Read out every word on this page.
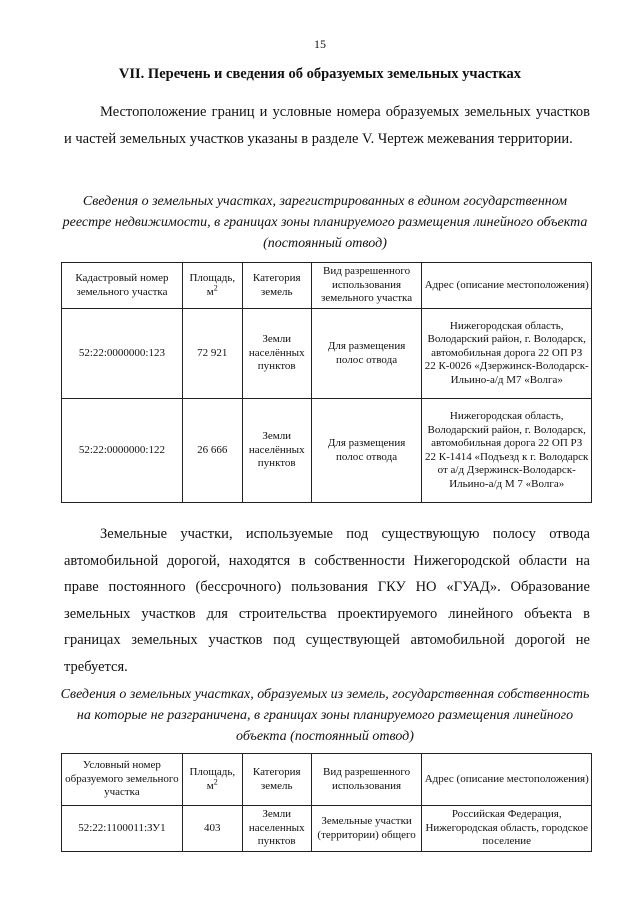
15
VII. Перечень и сведения об образуемых земельных участках
Местоположение границ и условные номера образуемых земельных участков и частей земельных участков указаны в разделе V. Чертеж межевания территории.
Сведения о земельных участках, зарегистрированных в едином государственном реестре недвижимости, в границах зоны планируемого размещения линейного объекта (постоянный отвод)
Кадастровый номер земельного участка	Площадь, $м^2$	Категория земель	Вид разрешенного использования земельного участка	Адрес (описание местоположения)
52:22:0000000:123	72 921	Земли населённых пунктов	Для размещения полос отвода	Нижегородская область, Володарский район, г. Володарск, автомобильная дорога 22 ОП РЗ 22 К-0026 «Дзержинск-Володарск-Ильино-а/д М7 «Волга»
52:22:0000000:122	26 666	Земли населённых пунктов	Для размещения полос отвода	Нижегородская область, Володарский район, г. Володарск, автомобильная дорога 22 ОП РЗ 22 К-1414 «Подъезд к г. Володарск от а/д Дзержинск-Володарск-Ильино-а/д М 7 «Волга»
Земельные участки, используемые под существующую полосу отвода автомобильной дорогой, находятся в собственности Нижегородской области на праве постоянного (бессрочного) пользования ГКУ НО «ГУАД». Образование земельных участков для строительства проектируемого линейного объекта в границах земельных участков под существующей автомобильной дорогой не требуется.
Сведения о земельных участках, образуемых из земель, государственная собственность на которые не разграничена, в границах зоны планируемого размещения линейного объекта (постоянный отвод)
Условный номер образуемого земельного участка	Площадь, $м^2$	Категория земель	Вид разрешенного использования	Адрес (описание местоположения)
52:22:1100011:ЗУ1	403	Земли населенных пунктов	Земельные участки (территории) общего	Российская Федерация, Нижегородская область, городское поселение
